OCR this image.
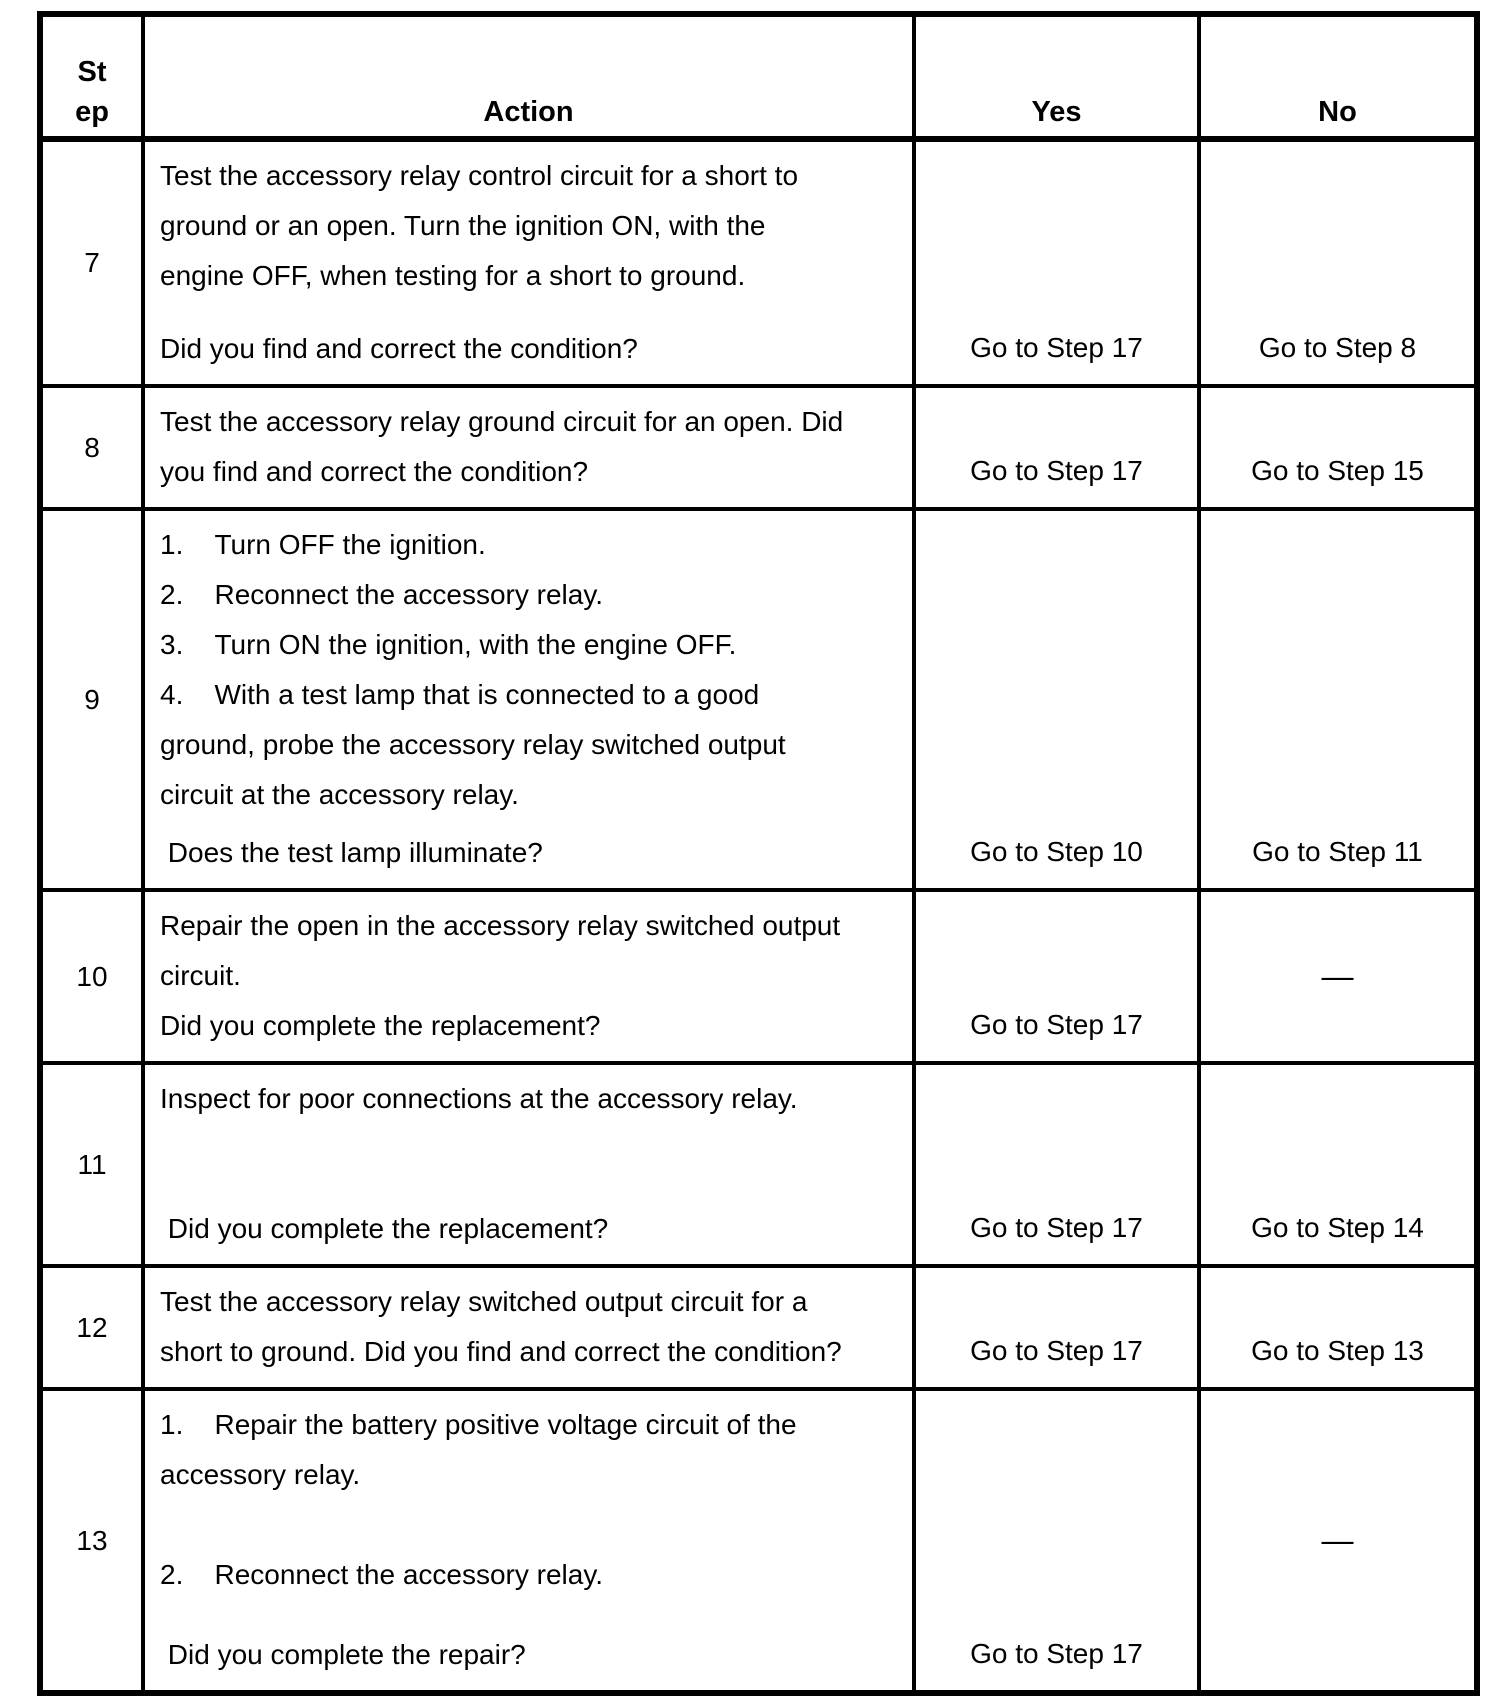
St
ep	Action	Yes	No
7	Test the accessory relay control circuit for a short to
ground or an open. Turn the ignition ON, with the
engine OFF, when testing for a short to ground.
Did you find and correct the condition?	Go to Step 17	Go to Step 8
8	Test the accessory relay ground circuit for an open. Did
you find and correct the condition?	Go to Step 17	Go to Step 15
9	
1.    Turn OFF the ignition.
2.    Reconnect the accessory relay.
3.    Turn ON the ignition, with the engine OFF.
4.    With a test lamp that is connected to a good
ground, probe the accessory relay switched output
circuit at the accessory relay.
Does the test lamp illuminate?	Go to Step 10	Go to Step 11
10	Repair the open in the accessory relay switched output
circuit.
Did you complete the replacement?	Go to Step 17	—
11	Inspect for poor connections at the accessory relay.
Did you complete the replacement?	Go to Step 17	Go to Step 14
12	Test the accessory relay switched output circuit for a
short to ground. Did you find and correct the condition?	Go to Step 17	Go to Step 13
13	1.    Repair the battery positive voltage circuit of the
accessory relay.
2.    Reconnect the accessory relay.
Did you complete the repair?	Go to Step 17	—
